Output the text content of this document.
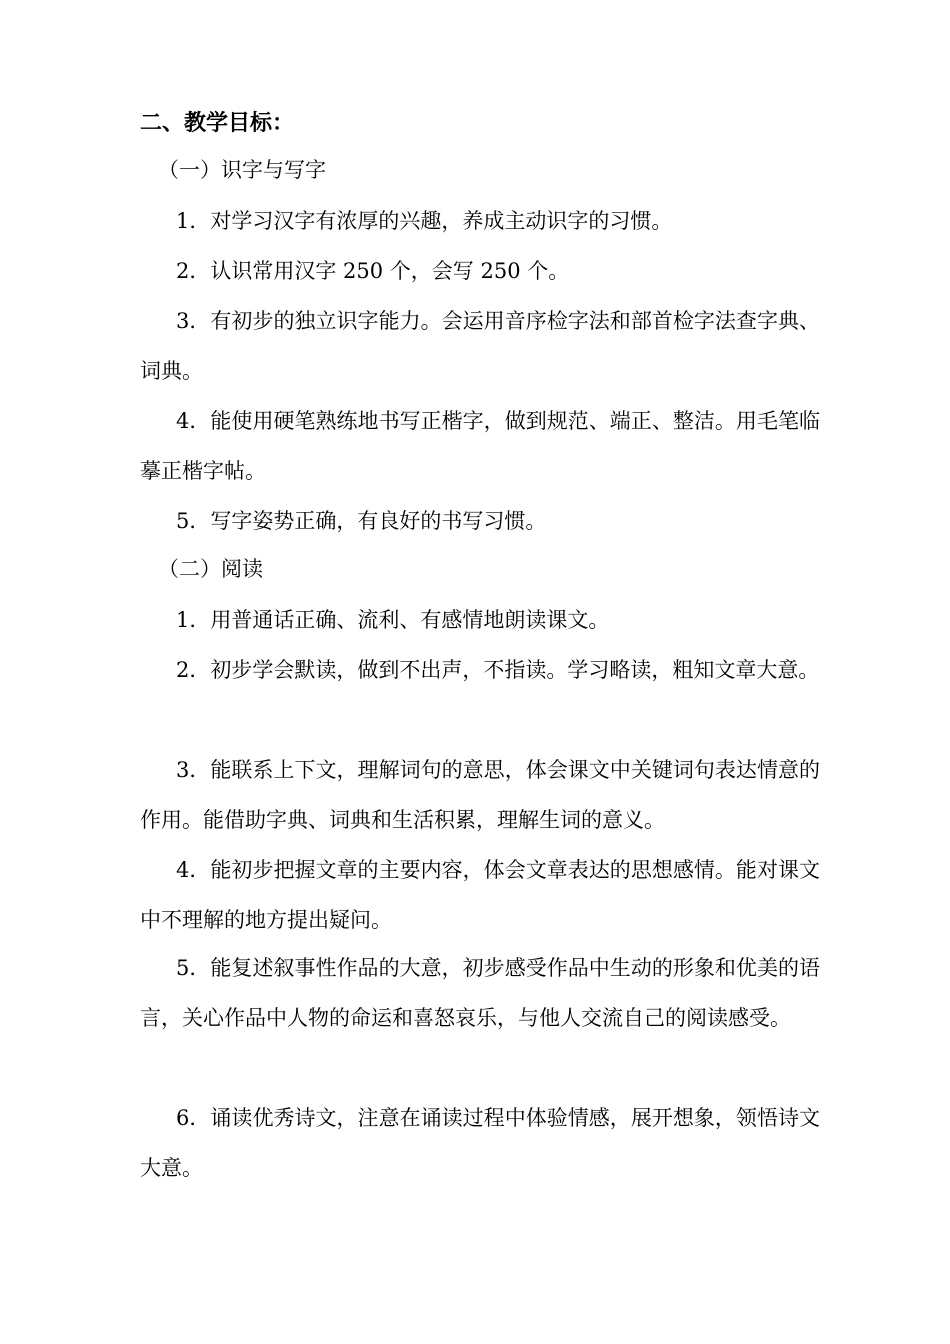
二、教学目标：
（一）识字与写字
1．对学习汉字有浓厚的兴趣，养成主动识字的习惯。
2．认识常用汉字 250 个，会写 250 个。
3．有初步的独立识字能力。会运用音序检字法和部首检字法查字典、词典。
4．能使用硬笔熟练地书写正楷字，做到规范、端正、整洁。用毛笔临摹正楷字帖。
5．写字姿势正确，有良好的书写习惯。
（二）阅读
1．用普通话正确、流利、有感情地朗读课文。
2．初步学会默读，做到不出声，不指读。学习略读，粗知文章大意。
3．能联系上下文，理解词句的意思，体会课文中关键词句表达情意的作用。能借助字典、词典和生活积累，理解生词的意义。
4．能初步把握文章的主要内容，体会文章表达的思想感情。能对课文中不理解的地方提出疑问。
5．能复述叙事性作品的大意，初步感受作品中生动的形象和优美的语言，关心作品中人物的命运和喜怒哀乐，与他人交流自己的阅读感受。
6．诵读优秀诗文，注意在诵读过程中体验情感，展开想象，领悟诗文大意。
